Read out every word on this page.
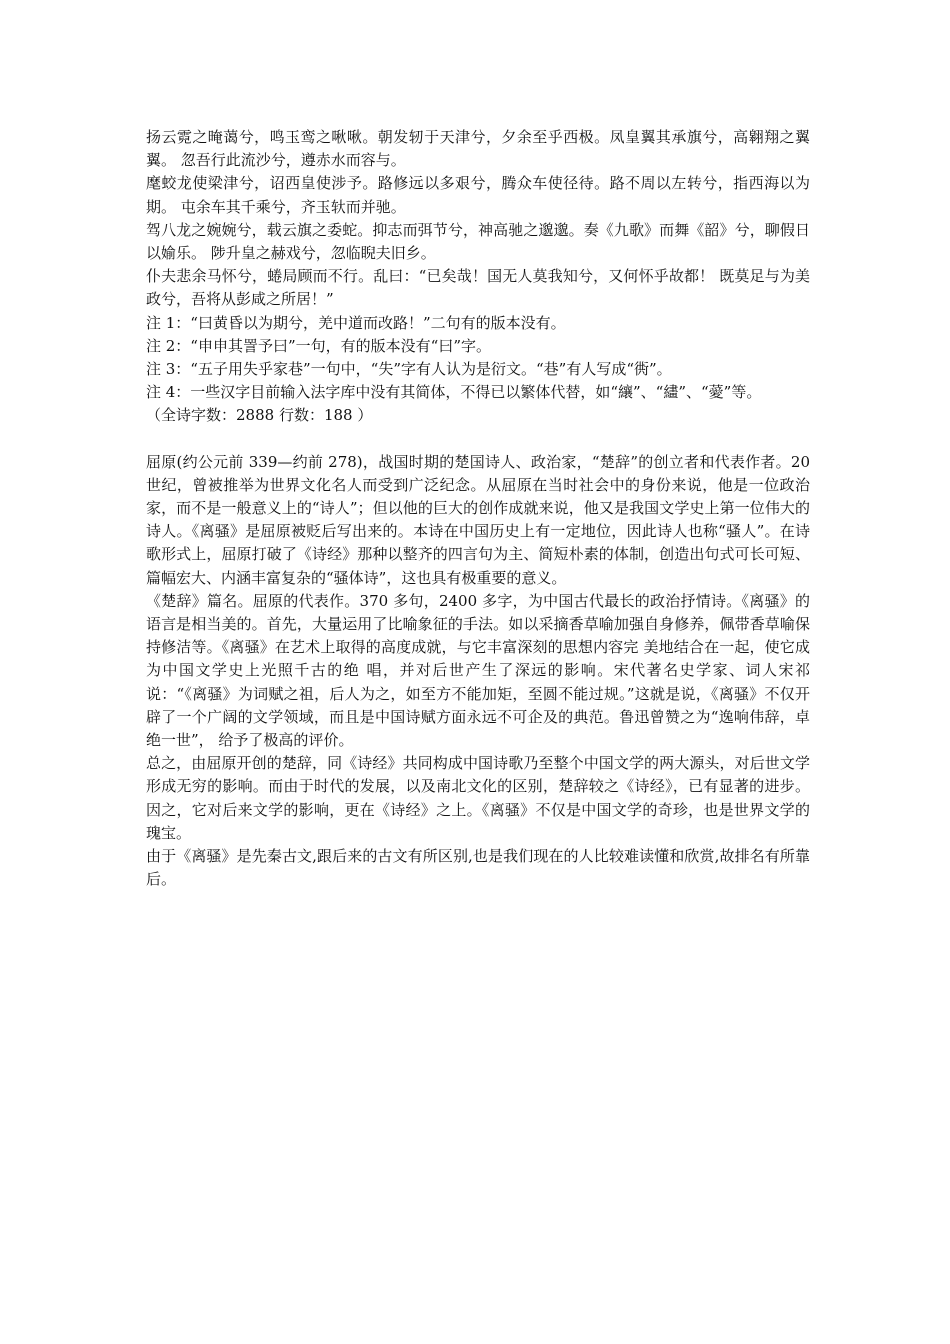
扬云霓之晻蔼兮，鸣玉鸾之啾啾。朝发轫于天津兮，夕余至乎西极。凤皇翼其承旗兮，高翱翔之翼翼。 忽吾行此流沙兮，遵赤水而容与。

麾蛟龙使梁津兮，诏西皇使涉予。路修远以多艰兮，腾众车使径待。路不周以左转兮，指西海以为期。 屯余车其千乘兮，齐玉轪而并驰。

驾八龙之婉婉兮，载云旗之委蛇。抑志而弭节兮，神高驰之邈邈。奏《九歌》而舞《韶》兮，聊假日以媮乐。 陟升皇之赫戏兮，忽临睨夫旧乡。

仆夫悲余马怀兮，蜷局顾而不行。乱曰：“已矣哉！国无人莫我知兮，又何怀乎故都！ 既莫足与为美政兮，吾将从彭咸之所居！”

注 1：“曰黄昏以为期兮，羌中道而改路！”二句有的版本没有。

注 2：“申申其詈予曰”一句，有的版本没有“曰”字。

注 3：“五子用失乎家巷”一句中，“失”字有人认为是衍文。“巷”有人写成“衖”。

注 4：一些汉字目前输入法字库中没有其简体，不得已以繁体代替，如“纕”、“繣”、“薆”等。

（全诗字数：2888 行数：188 ）

屈原(约公元前 339—约前 278)，战国时期的楚国诗人、政治家，“楚辞”的创立者和代表作者。20 世纪，曾被推举为世界文化名人而受到广泛纪念。从屈原在当时社会中的身份来说，他是一位政治家，而不是一般意义上的“诗人”；但以他的巨大的创作成就来说，他又是我国文学史上第一位伟大的诗人。《离骚》是屈原被贬后写出来的。本诗在中国历史上有一定地位，因此诗人也称“骚人”。在诗歌形式上，屈原打破了《诗经》那种以整齐的四言句为主、简短朴素的体制，创造出句式可长可短、篇幅宏大、内涵丰富复杂的“骚体诗”，这也具有极重要的意义。

《楚辞》篇名。屈原的代表作。370 多句，2400 多字，为中国古代最长的政治抒情诗。《离骚》的语言是相当美的。首先，大量运用了比喻象征的手法。如以采摘香草喻加强自身修养，佩带香草喻保持修洁等。《离骚》在艺术上取得的高度成就，与它丰富深刻的思想内容完 美地结合在一起，使它成为中国文学史上光照千古的绝 唱，并对后世产生了深远的影响。宋代著名史学家、词人宋祁说：“《离骚》为词赋之祖，后人为之，如至方不能加矩，至圆不能过规。”这就是说，《离骚》不仅开辟了一个广阔的文学领域，而且是中国诗赋方面永远不可企及的典范。鲁迅曾赞之为“逸响伟辞，卓绝一世”， 给予了极高的评价。

总之，由屈原开创的楚辞，同《诗经》共同构成中国诗歌乃至整个中国文学的两大源头，对后世文学形成无穷的影响。而由于时代的发展，以及南北文化的区别，楚辞较之《诗经》，已有显著的进步。因之，它对后来文学的影响，更在《诗经》之上。《离骚》不仅是中国文学的奇珍，也是世界文学的瑰宝。

由于《离骚》是先秦古文,跟后来的古文有所区别,也是我们现在的人比较难读懂和欣赏,故排名有所靠后。
